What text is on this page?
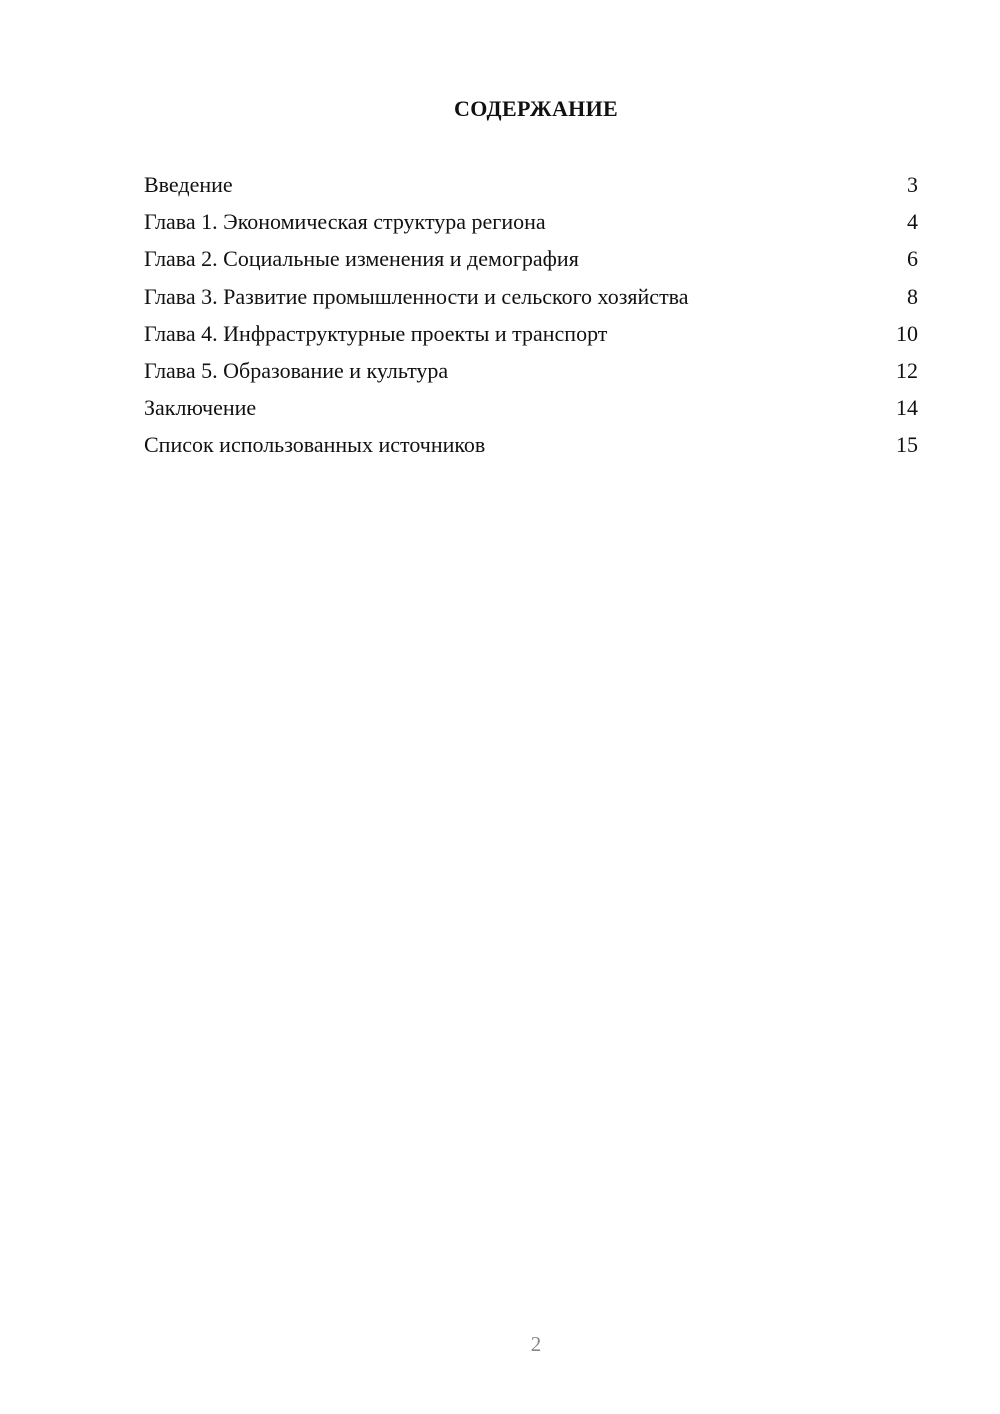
СОДЕРЖАНИЕ
Введение	3
Глава 1. Экономическая структура региона	4
Глава 2. Социальные изменения и демография	6
Глава 3. Развитие промышленности и сельского хозяйства	8
Глава 4. Инфраструктурные проекты и транспорт	10
Глава 5. Образование и культура	12
Заключение	14
Список использованных источников	15
2
